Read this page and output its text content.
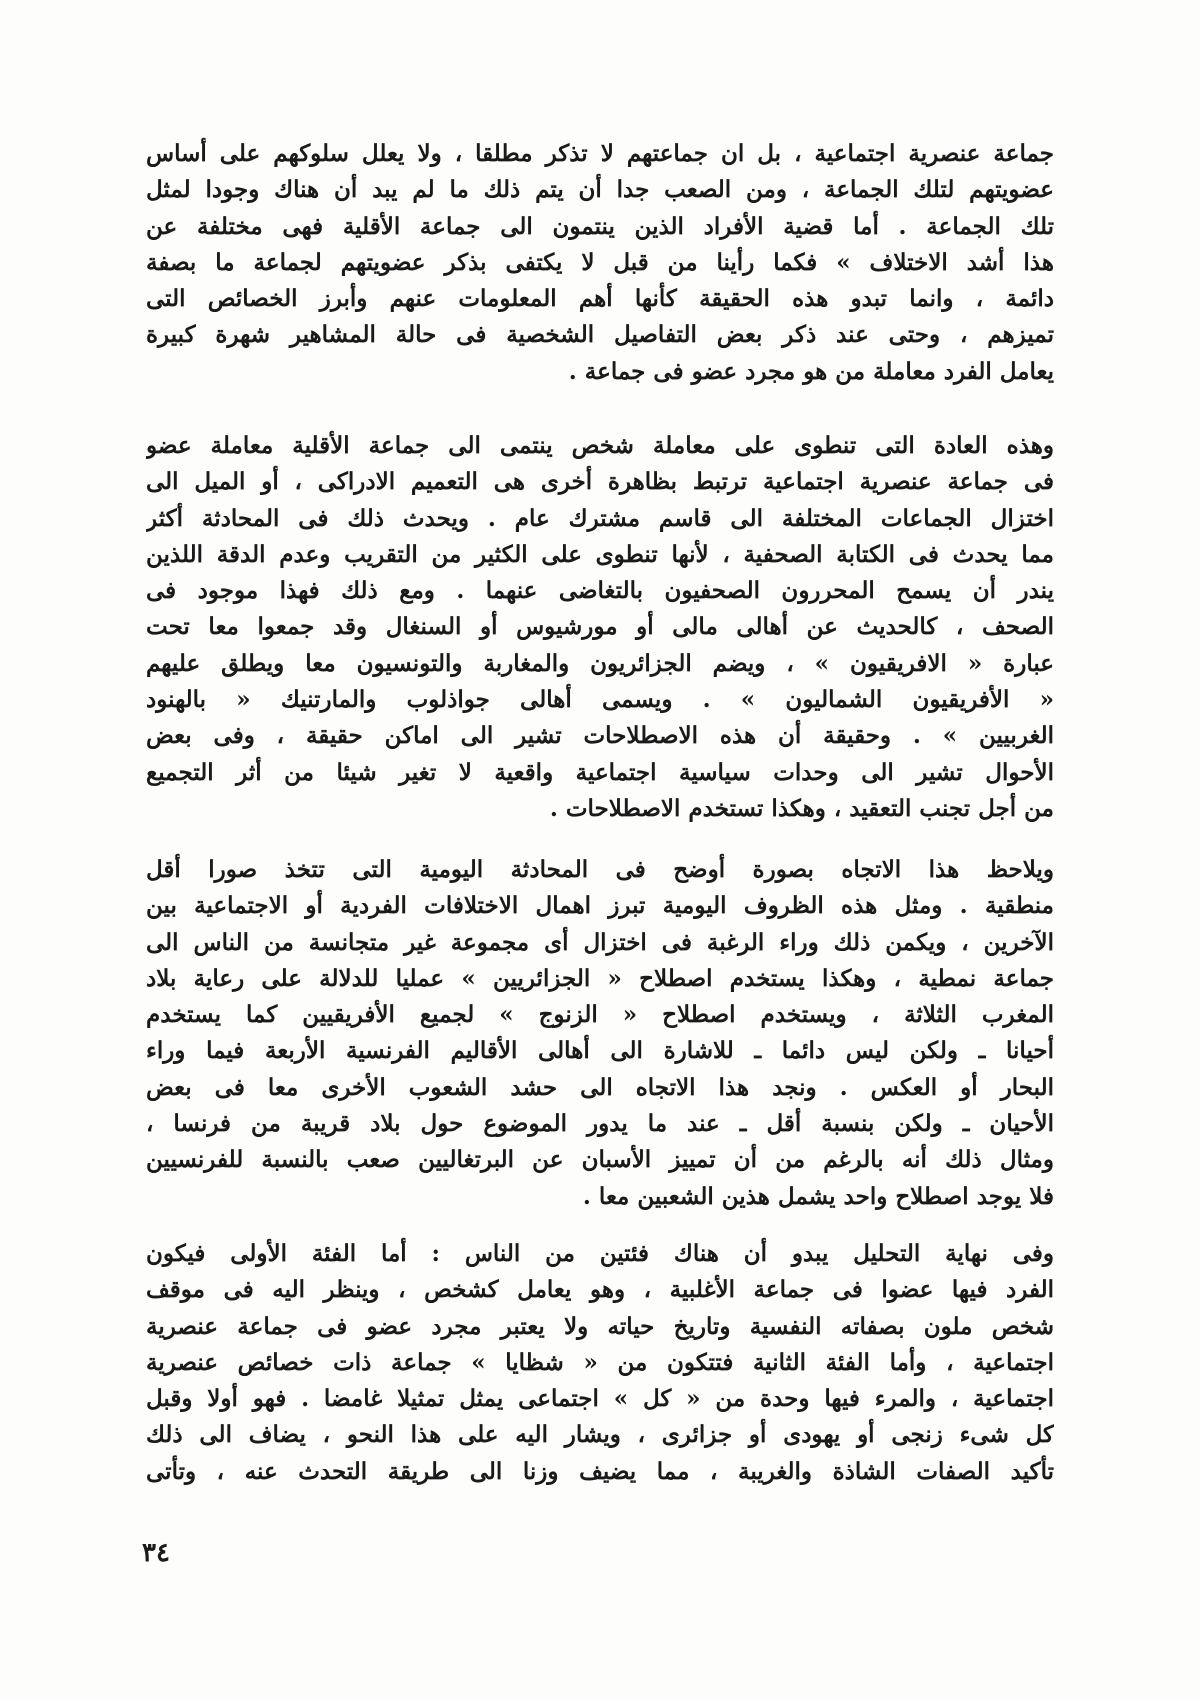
جماعة عنصرية اجتماعية ، بل ان جماعتهم لا تذكر مطلقا ، ولا يعلل سلوكهم على أساس
عضويتهم لتلك الجماعة ، ومن الصعب جدا أن يتم ذلك ما لم يبد أن هناك وجودا لمثل
تلك الجماعة . أما قضية الأفراد الذين ينتمون الى جماعة الأقلية فهى مختلفة عن
هذا أشد الاختلاف » فكما رأينا من قبل لا يكتفى بذكر عضويتهم لجماعة ما بصفة
دائمة ، وانما تبدو هذه الحقيقة كأنها أهم المعلومات عنهم وأبرز الخصائص التى
تميزهم ، وحتى عند ذكر بعض التفاصيل الشخصية فى حالة المشاهير شهرة كبيرة
يعامل الفرد معاملة من هو مجرد عضو فى جماعة .
وهذه العادة التى تنطوى على معاملة شخص ينتمى الى جماعة الأقلية معاملة عضو
فى جماعة عنصرية اجتماعية ترتبط بظاهرة أخرى هى التعميم الادراكى ، أو الميل الى
اختزال الجماعات المختلفة الى قاسم مشترك عام . ويحدث ذلك فى المحادثة أكثر
مما يحدث فى الكتابة الصحفية ، لأنها تنطوى على الكثير من التقريب وعدم الدقة اللذين
يندر أن يسمح المحررون الصحفيون بالتغاضى عنهما . ومع ذلك فهذا موجود فى
الصحف ، كالحديث عن أهالى مالى أو مورشيوس أو السنغال وقد جمعوا معا تحت
عبارة « الافريقيون » ، ويضم الجزائريون والمغاربة والتونسيون معا ويطلق عليهم
« الأفريقيون الشماليون » . ويسمى أهالى جواذلوب والمارتنيك « بالهنود
الغربيين » . وحقيقة أن هذه الاصطلاحات تشير الى اماكن حقيقة ، وفى بعض
الأحوال تشير الى وحدات سياسية اجتماعية واقعية لا تغير شيئا من أثر التجميع
من أجل تجنب التعقيد ، وهكذا تستخدم الاصطلاحات .
ويلاحظ هذا الاتجاه بصورة أوضح فى المحادثة اليومية التى تتخذ صورا أقل
منطقية . ومثل هذه الظروف اليومية تبرز اهمال الاختلافات الفردية أو الاجتماعية بين
الآخرين ، ويكمن ذلك وراء الرغبة فى اختزال أى مجموعة غير متجانسة من الناس الى
جماعة نمطية ، وهكذا يستخدم اصطلاح « الجزائريين » عمليا للدلالة على رعاية بلاد
المغرب الثلاثة ، ويستخدم اصطلاح « الزنوج » لجميع الأفريقيين كما يستخدم
أحيانا ـ ولكن ليس دائما ـ للاشارة الى أهالى الأقاليم الفرنسية الأربعة فيما وراء
البحار أو العكس . ونجد هذا الاتجاه الى حشد الشعوب الأخرى معا فى بعض
الأحيان ـ ولكن بنسبة أقل ـ عند ما يدور الموضوع حول بلاد قريبة من فرنسا ،
ومثال ذلك أنه بالرغم من أن تمييز الأسبان عن البرتغاليين صعب بالنسبة للفرنسيين
فلا يوجد اصطلاح واحد يشمل هذين الشعبين معا .
وفى نهاية التحليل يبدو أن هناك فئتين من الناس : أما الفئة الأولى فيكون
الفرد فيها عضوا فى جماعة الأغلبية ، وهو يعامل كشخص ، وينظر اليه فى موقف
شخص ملون بصفاته النفسية وتاريخ حياته ولا يعتبر مجرد عضو فى جماعة عنصرية
اجتماعية ، وأما الفئة الثانية فتتكون من « شظايا » جماعة ذات خصائص عنصرية
اجتماعية ، والمرء فيها وحدة من « كل » اجتماعى يمثل تمثيلا غامضا . فهو أولا وقبل
كل شىء زنجى أو يهودى أو جزائرى ، ويشار اليه على هذا النحو ، يضاف الى ذلك
تأكيد الصفات الشاذة والغريبة ، مما يضيف وزنا الى طريقة التحدث عنه ، وتأتى
٣٤
